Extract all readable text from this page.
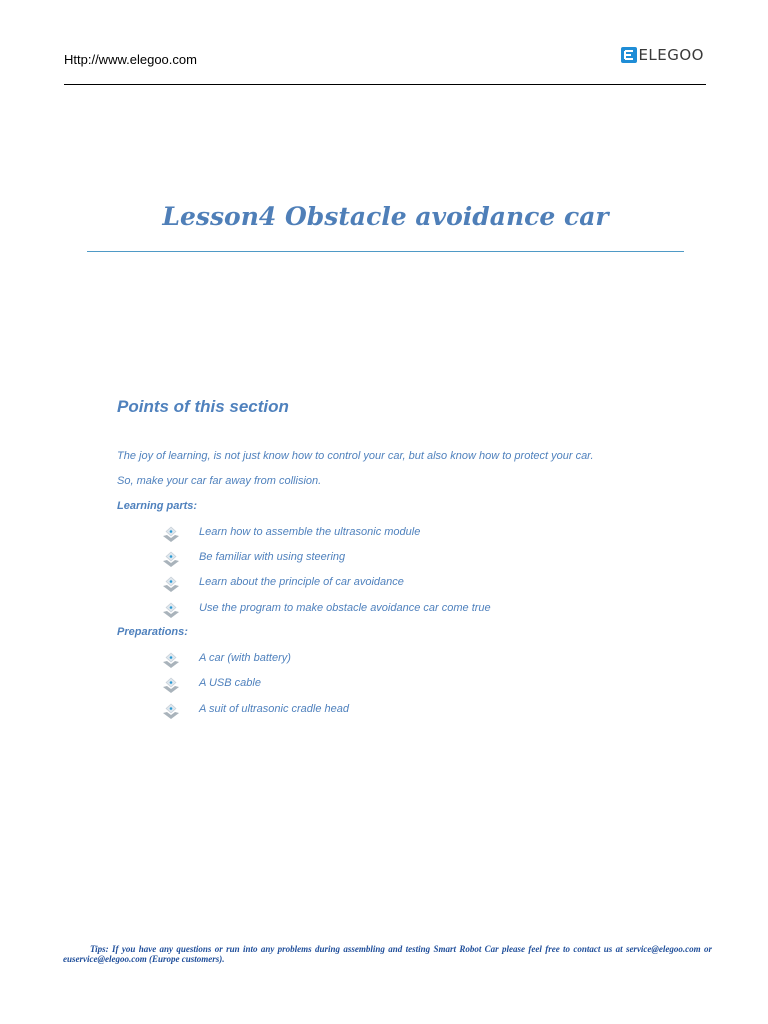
Http://www.elegoo.com	ELEGOO
Lesson4 Obstacle avoidance car
Points of this section
The joy of learning, is not just know how to control your car, but also know how to protect your car.
So, make your car far away from collision.
Learning parts:
Learn how to assemble the ultrasonic module
Be familiar with using steering
Learn about the principle of car avoidance
Use the program to make obstacle avoidance car come true
Preparations:
A car (with battery)
A USB cable
A suit of ultrasonic cradle head
Tips: If you have any questions or run into any problems during assembling and testing Smart Robot Car please feel free to contact us at service@elegoo.com or euservice@elegoo.com (Europe customers).
